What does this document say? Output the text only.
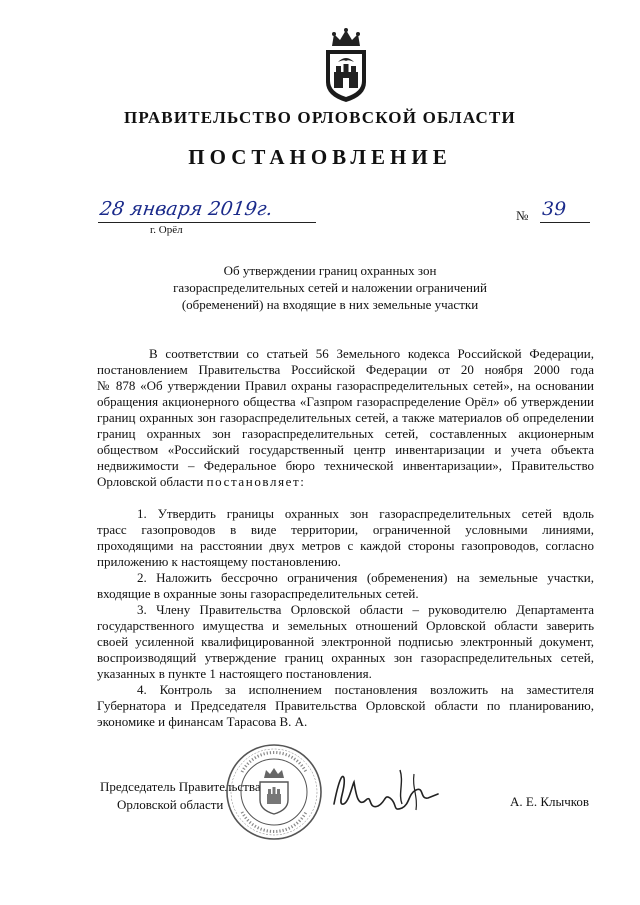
ПРАВИТЕЛЬСТВО ОРЛОВСКОЙ ОБЛАСТИ
ПОСТАНОВЛЕНИЕ
28 января 2019г.
г. Орёл
№ 39
Об утверждении границ охранных зон
газораспределительных сетей и наложении ограничений
(обременений) на входящие в них земельные участки
В соответствии со статьей 56 Земельного кодекса Российской Федерации,
постановлением Правительства Российской Федерации от 20 ноября 2000 года
№ 878 «Об утверждении Правил охраны газораспределительных сетей», на основании
обращения акционерного общества «Газпром газораспределение Орёл» об утверждении
границ охранных зон газораспределительных сетей, а также материалов об определении
границ охранных зон газораспределительных сетей, составленных акционерным
обществом «Российский государственный центр инвентаризации и учета объекта
недвижимости – Федеральное бюро технической инвентаризации», Правительство
Орловской области постановляет:
1. Утвердить границы охранных зон газораспределительных сетей вдоль
трасс газопроводов в виде территории, ограниченной условными линиями,
проходящими на расстоянии двух метров с каждой стороны газопроводов, согласно
приложению к настоящему постановлению.
2. Наложить бессрочно ограничения (обременения) на земельные участки,
входящие в охранные зоны газораспределительных сетей.
3. Члену Правительства Орловской области – руководителю Департамента
государственного имущества и земельных отношений Орловской области заверить
своей усиленной квалифицированной электронной подписью электронный документ,
воспроизводящий утверждение границ охранных зон газораспределительных сетей,
указанных в пункте 1 настоящего постановления.
4. Контроль за исполнением постановления возложить на заместителя
Губернатора и Председателя Правительства Орловской области по планированию,
экономике и финансам Тарасова В. А.
Председатель Правительства
Орловской области	А. Е. Клычков
